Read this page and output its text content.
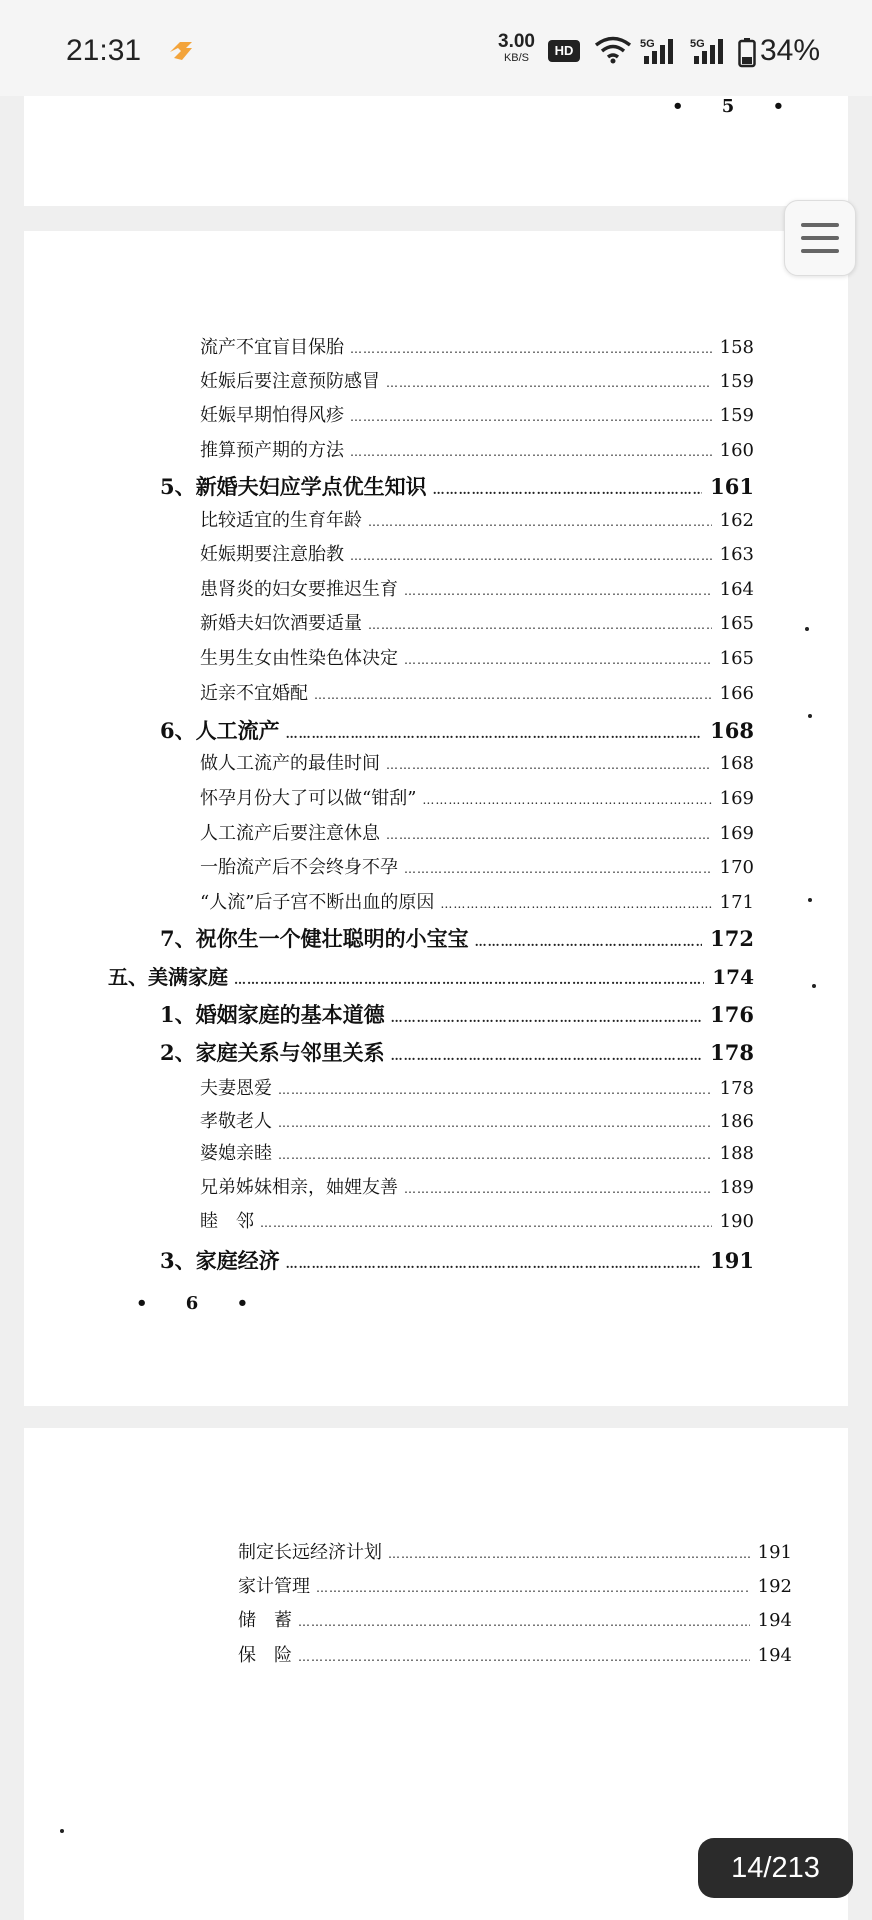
21:31	3.00
KB/S	HD	5G	5G 34%
• 5 •
流产不宜盲目保胎 …………………………………………………………………………………………………………………………………………………………………………………………………………	158
妊娠后要注意预防感冒 …………………………………………………………………………………………………………………………………………………………………………………………………………	159
妊娠早期怕得风疹 …………………………………………………………………………………………………………………………………………………………………………………………………………	159
推算预产期的方法 …………………………………………………………………………………………………………………………………………………………………………………………………………	160
5、新婚夫妇应学点优生知识 …………………………………………………………………………………………………………………………………………………………………………………………………………	161
比较适宜的生育年龄 …………………………………………………………………………………………………………………………………………………………………………………………………………	162
妊娠期要注意胎教 …………………………………………………………………………………………………………………………………………………………………………………………………………	163
患肾炎的妇女要推迟生育 …………………………………………………………………………………………………………………………………………………………………………………………………………	164
新婚夫妇饮酒要适量 …………………………………………………………………………………………………………………………………………………………………………………………………………	165
生男生女由性染色体决定 …………………………………………………………………………………………………………………………………………………………………………………………………………	165
近亲不宜婚配 …………………………………………………………………………………………………………………………………………………………………………………………………………	166
6、人工流产 …………………………………………………………………………………………………………………………………………………………………………………………………………	168
做人工流产的最佳时间 …………………………………………………………………………………………………………………………………………………………………………………………………………	168
怀孕月份大了可以做“钳刮” …………………………………………………………………………………………………………………………………………………………………………………………………………	169
人工流产后要注意休息 …………………………………………………………………………………………………………………………………………………………………………………………………………	169
一胎流产后不会终身不孕 …………………………………………………………………………………………………………………………………………………………………………………………………………	170
“人流”后子宫不断出血的原因 …………………………………………………………………………………………………………………………………………………………………………………………………………	171
7、祝你生一个健壮聪明的小宝宝 …………………………………………………………………………………………………………………………………………………………………………………………………………	172
五、美满家庭 …………………………………………………………………………………………………………………………………………………………………………………………………………	174
1、婚姻家庭的基本道德 …………………………………………………………………………………………………………………………………………………………………………………………………………	176
2、家庭关系与邻里关系 …………………………………………………………………………………………………………………………………………………………………………………………………………	178
夫妻恩爱 …………………………………………………………………………………………………………………………………………………………………………………………………………	178
孝敬老人 …………………………………………………………………………………………………………………………………………………………………………………………………………	186
婆媳亲睦 …………………………………………………………………………………………………………………………………………………………………………………………………………	188
兄弟姊妹相亲，妯娌友善 …………………………………………………………………………………………………………………………………………………………………………………………………………	189
睦　邻 …………………………………………………………………………………………………………………………………………………………………………………………………………	190
3、家庭经济 …………………………………………………………………………………………………………………………………………………………………………………………………………	191
• 6 •
制定长远经济计划 …………………………………………………………………………………………………………………………………………………………………………………………………………	191
家计管理 …………………………………………………………………………………………………………………………………………………………………………………………………………	192
储　蓄 …………………………………………………………………………………………………………………………………………………………………………………………………………	194
保　险 …………………………………………………………………………………………………………………………………………………………………………………………………………	194
14/213
